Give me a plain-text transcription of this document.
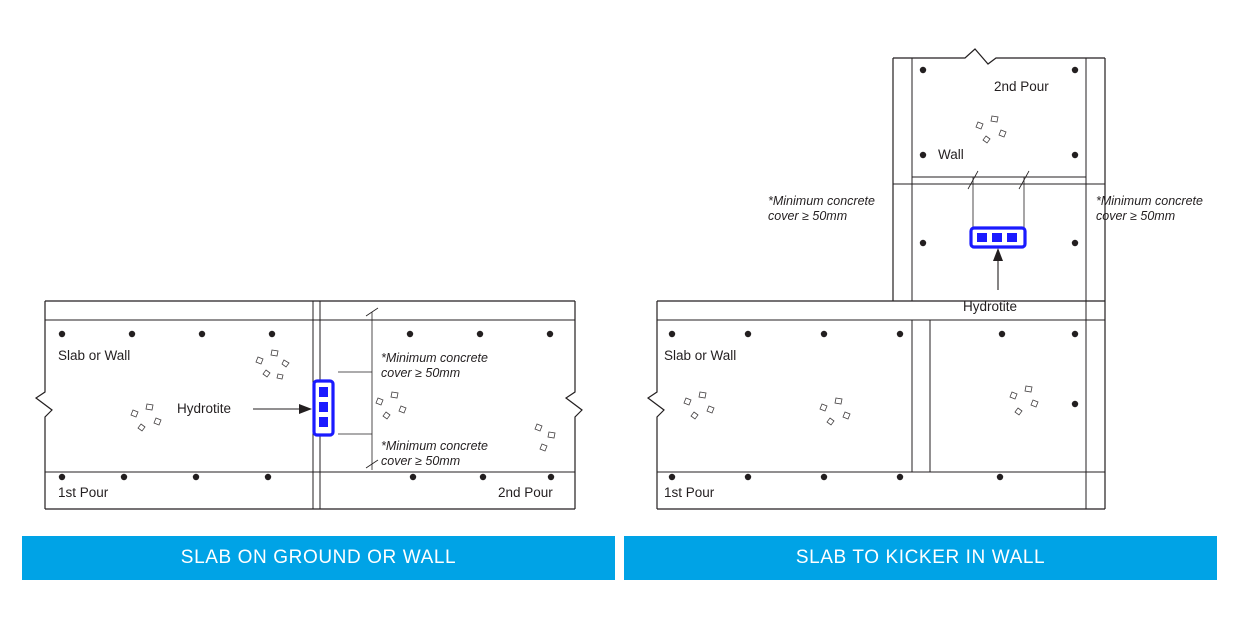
Slab or Wall
Hydrotite
1st Pour	2nd Pour
*Minimum concrete
cover ≥ 50mm
*Minimum concrete
cover ≥ 50mm
2nd Pour
Wall
Hydrotite
Slab or Wall
1st Pour
*Minimum concrete
cover ≥ 50mm
*Minimum concrete
cover ≥ 50mm
SLAB ON GROUND OR WALL	SLAB TO KICKER IN WALL
